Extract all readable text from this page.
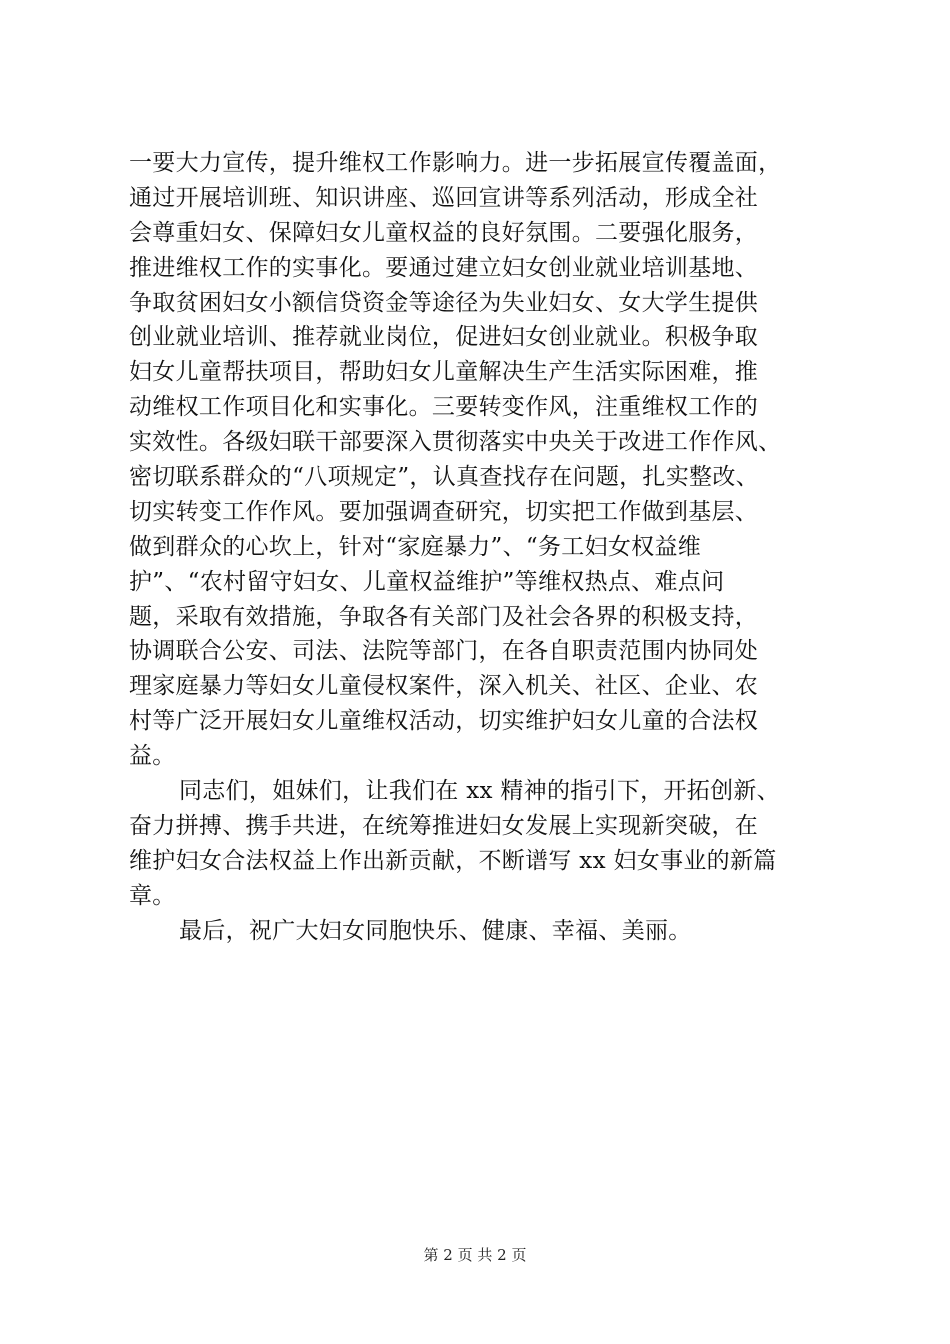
一要大力宣传，提升维权工作影响力。进一步拓展宣传覆盖面，
通过开展培训班、知识讲座、巡回宣讲等系列活动，形成全社
会尊重妇女、保障妇女儿童权益的良好氛围。二要强化服务，
推进维权工作的实事化。要通过建立妇女创业就业培训基地、
争取贫困妇女小额信贷资金等途径为失业妇女、女大学生提供
创业就业培训、推荐就业岗位，促进妇女创业就业。积极争取
妇女儿童帮扶项目，帮助妇女儿童解决生产生活实际困难，推
动维权工作项目化和实事化。三要转变作风，注重维权工作的
实效性。各级妇联干部要深入贯彻落实中央关于改进工作作风、
密切联系群众的“八项规定”，认真查找存在问题，扎实整改、
切实转变工作作风。要加强调查研究，切实把工作做到基层、
做到群众的心坎上，针对“家庭暴力”、“务工妇女权益维
护”、“农村留守妇女、儿童权益维护”等维权热点、难点问
题，采取有效措施，争取各有关部门及社会各界的积极支持，
协调联合公安、司法、法院等部门，在各自职责范围内协同处
理家庭暴力等妇女儿童侵权案件，深入机关、社区、企业、农
村等广泛开展妇女儿童维权活动，切实维护妇女儿童的合法权
益。
同志们，姐妹们，让我们在 xx 精神的指引下，开拓创新、
奋力拼搏、携手共进，在统筹推进妇女发展上实现新突破，在
维护妇女合法权益上作出新贡献，不断谱写 xx 妇女事业的新篇
章。
最后，祝广大妇女同胞快乐、健康、幸福、美丽。
第 2 页 共 2 页
